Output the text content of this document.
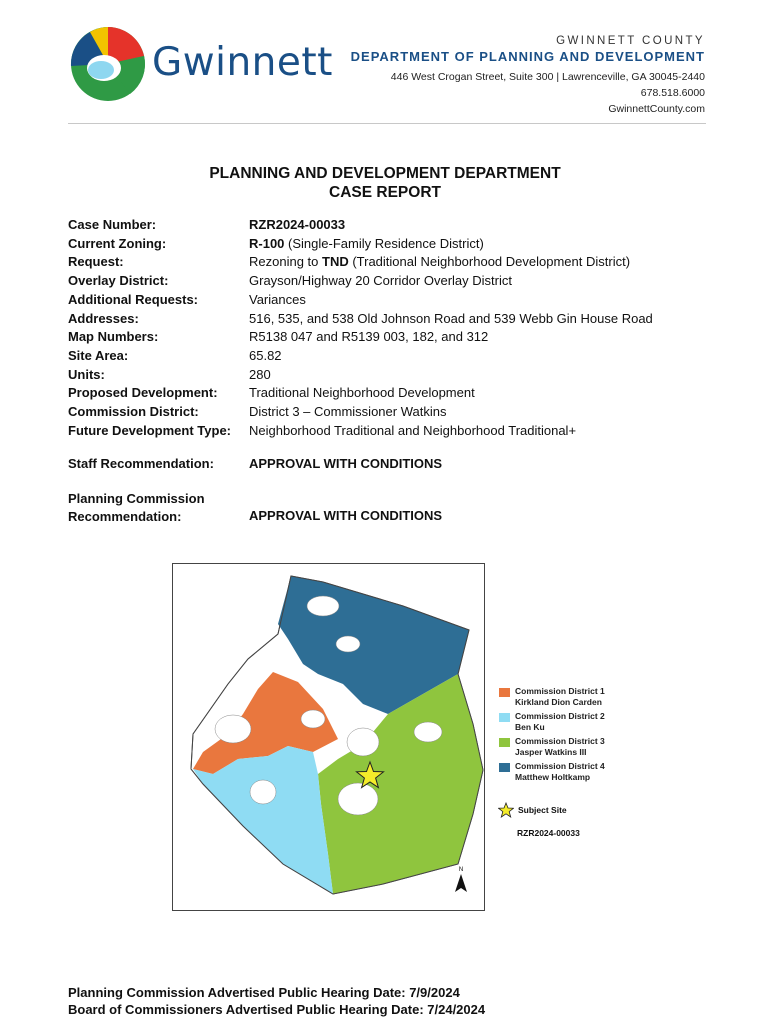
Gwinnett	GWINNETT COUNTY
DEPARTMENT OF PLANNING AND DEVELOPMENT
446 West Crogan Street, Suite 300 | Lawrenceville, GA 30045-2440
678.518.6000
GwinnettCounty.com
PLANNING AND DEVELOPMENT DEPARTMENT
CASE REPORT
Case Number:	RZR2024-00033
Current Zoning:	R-100 (Single-Family Residence District)
Request:	Rezoning to TND (Traditional Neighborhood Development District)
Overlay District:	Grayson/Highway 20 Corridor Overlay District
Additional Requests:	Variances
Addresses:	516, 535, and 538 Old Johnson Road and 539 Webb Gin House Road
Map Numbers:	R5138 047 and R5139 003, 182, and 312
Site Area:	65.82
Units:	280
Proposed Development:	Traditional Neighborhood Development
Commission District:	District 3 – Commissioner Watkins
Future Development Type:	Neighborhood Traditional and Neighborhood Traditional+
Staff Recommendation:	APPROVAL WITH CONDITIONS
Planning Commission
Recommendation:	APPROVAL WITH CONDITIONS
N
Commission District 1
Kirkland Dion Carden
Commission District 2
Ben Ku
Commission District 3
Jasper Watkins III
Commission District 4
Matthew Holtkamp
Subject Site
RZR2024-00033
Planning Commission Advertised Public Hearing Date: 7/9/2024
Board of Commissioners Advertised Public Hearing Date: 7/24/2024
